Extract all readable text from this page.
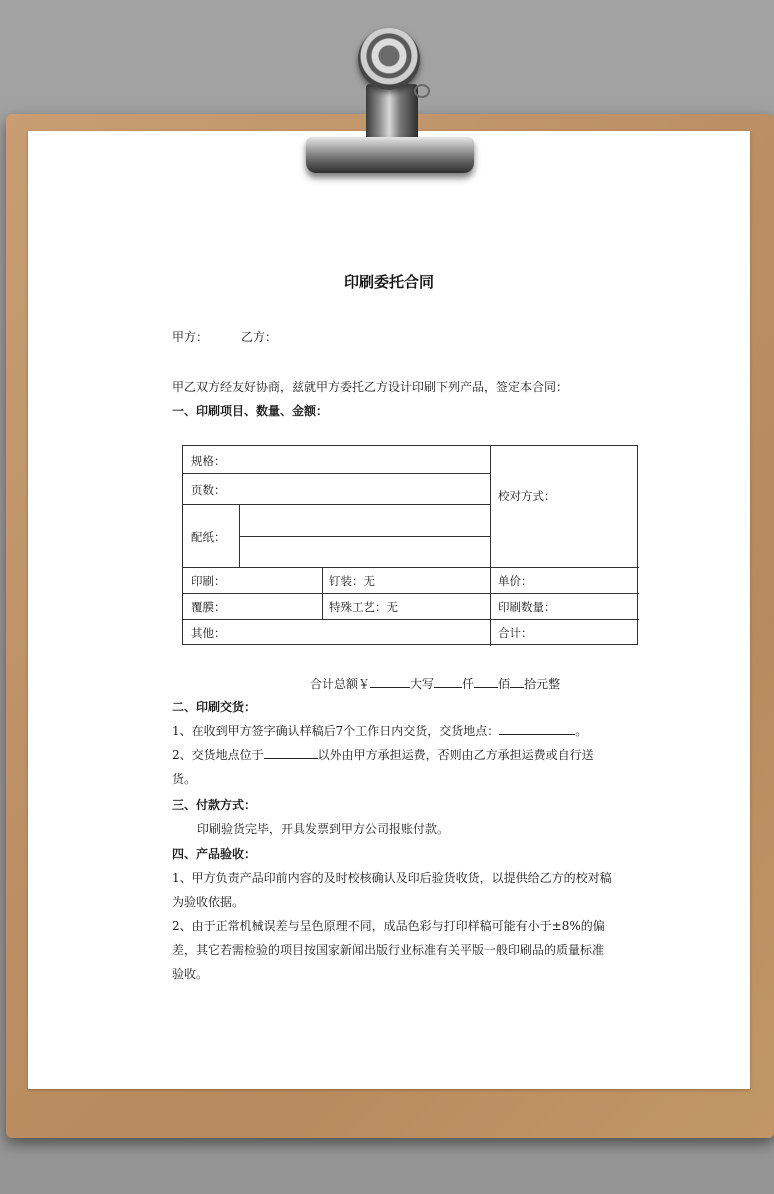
印刷委托合同
甲方：	乙方：
甲乙双方经友好协商，兹就甲方委托乙方设计印刷下列产品，签定本合同：
一、印刷项目、数量、金额：
规格：
页数：
配纸：
校对方式：
印刷：	钉装：无	单价：
覆膜：	特殊工艺：无	印刷数量：
其他：	合计：
合计总额￥	大写 仟 佰 拾元整
二、印刷交货：
1、在收到甲方签字确认样稿后7个工作日内交货，交货地点：	。
2、交货地点位于	以外由甲方承担运费，否则由乙方承担运费或自行送
货。
三、付款方式：
印刷验货完毕，开具发票到甲方公司报账付款。
四、产品验收：
1、甲方负责产品印前内容的及时校核确认及印后验货收货，以提供给乙方的校对稿
为验收依据。
2、由于正常机械误差与呈色原理不同，成品色彩与打印样稿可能有小于±8%的偏
差，其它若需检验的项目按国家新闻出版行业标准有关平版一般印刷品的质量标准
验收。
